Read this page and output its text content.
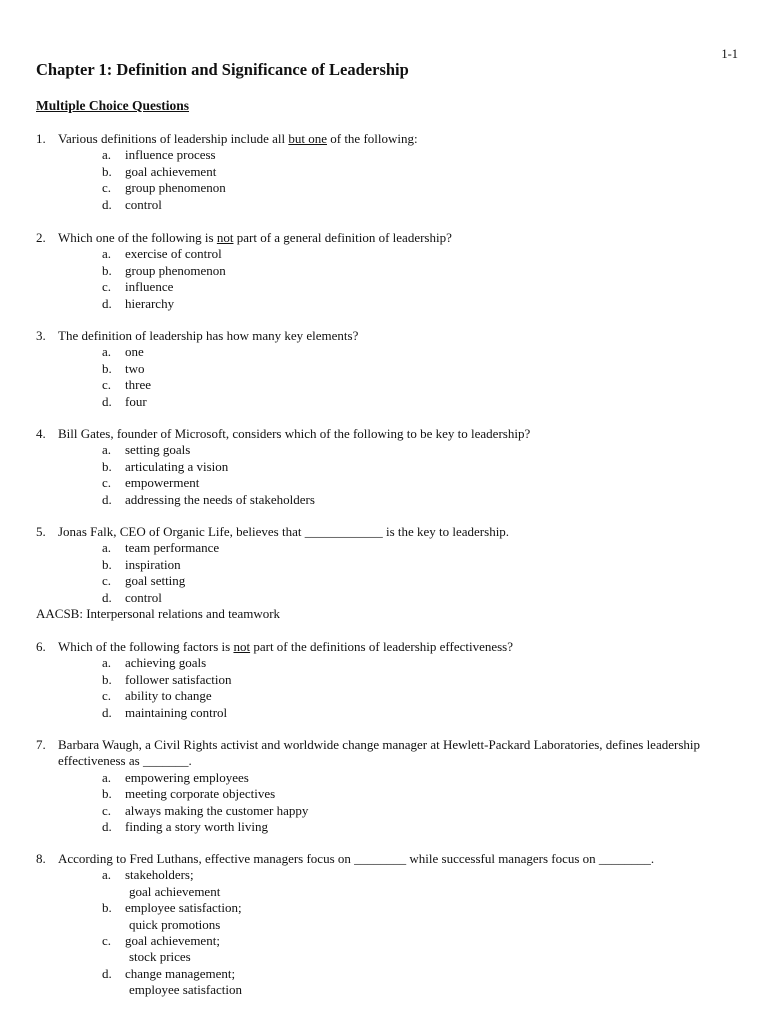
1-1
Chapter 1: Definition and Significance of Leadership
Multiple Choice Questions
1. Various definitions of leadership include all but one of the following:
a. influence process
b. goal achievement
c. group phenomenon
d. control
2. Which one of the following is not part of a general definition of leadership?
a. exercise of control
b. group phenomenon
c. influence
d. hierarchy
3. The definition of leadership has how many key elements?
a. one
b. two
c. three
d. four
4. Bill Gates, founder of Microsoft, considers which of the following to be key to leadership?
a. setting goals
b. articulating a vision
c. empowerment
d. addressing the needs of stakeholders
5. Jonas Falk, CEO of Organic Life, believes that ____________ is the key to leadership.
a. team performance
b. inspiration
c. goal setting
d. control
AACSB: Interpersonal relations and teamwork
6. Which of the following factors is not part of the definitions of leadership effectiveness?
a. achieving goals
b. follower satisfaction
c. ability to change
d. maintaining control
7. Barbara Waugh, a Civil Rights activist and worldwide change manager at Hewlett-Packard Laboratories, defines leadership effectiveness as _______.
a. empowering employees
b. meeting corporate objectives
c. always making the customer happy
d. finding a story worth living
8. According to Fred Luthans, effective managers focus on ________ while successful managers focus on ________.
a. stakeholders;
goal achievement
b. employee satisfaction;
quick promotions
c. goal achievement;
stock prices
d. change management;
employee satisfaction
